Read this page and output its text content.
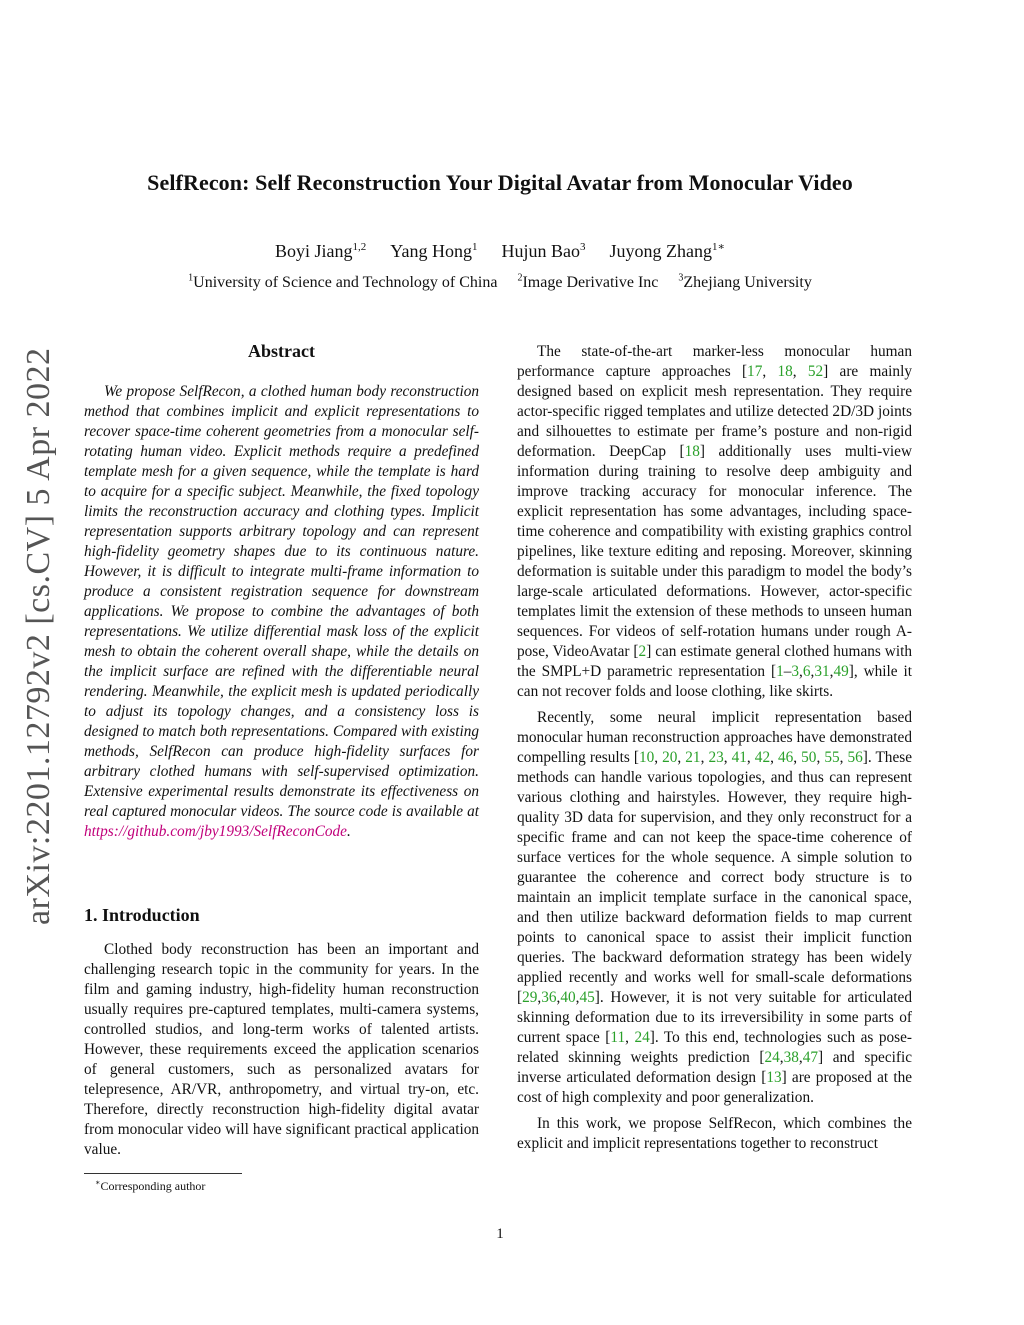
SelfRecon: Self Reconstruction Your Digital Avatar from Monocular Video
Boyi Jiang$^{1,2}$ Yang Hong$^1$ Hujun Bao$^3$ Juyong Zhang$^{1∗}$
$^1$University of Science and Technology of China $^2$Image Derivative Inc $^3$Zhejiang University
arXiv:2201.12792v2 [cs.CV] 5 Apr 2022	Abstract
We propose SelfRecon, a clothed human body reconstruction method that combines implicit and explicit representations to recover space-time coherent geometries from a monocular self-rotating human video. Explicit methods require a predefined template mesh for a given sequence, while the template is hard to acquire for a specific subject. Meanwhile, the fixed topology limits the reconstruction accuracy and clothing types. Implicit representation supports arbitrary topology and can represent high-fidelity geometry shapes due to its continuous nature. However, it is difficult to integrate multi-frame information to produce a consistent registration sequence for downstream applications. We propose to combine the advantages of both representations. We utilize differential mask loss of the explicit mesh to obtain the coherent overall shape, while the details on the implicit surface are refined with the differentiable neural rendering. Meanwhile, the explicit mesh is updated periodically to adjust its topology changes, and a consistency loss is designed to match both representations. Compared with existing methods, SelfRecon can produce high-fidelity surfaces for arbitrary clothed humans with self-supervised optimization. Extensive experimental results demonstrate its effectiveness on real captured monocular videos. The source code is available at https://github.com/jby1993/SelfReconCode.
1. Introduction
Clothed body reconstruction has been an important and challenging research topic in the community for years. In the film and gaming industry, high-fidelity human reconstruction usually requires pre-captured templates, multi-camera systems, controlled studios, and long-term works of talented artists. However, these requirements exceed the application scenarios of general customers, such as personalized avatars for telepresence, AR/VR, anthropometry, and virtual try-on, etc. Therefore, directly reconstruction high-fidelity digital avatar from monocular video will have significant practical application value.
∗Corresponding author

The state-of-the-art marker-less monocular human performance capture approaches [17, 18, 52] are mainly designed based on explicit mesh representation. They require actor-specific rigged templates and utilize detected 2D/3D joints and silhouettes to estimate per frame’s posture and non-rigid deformation. DeepCap [18] additionally uses multi-view information during training to resolve deep ambiguity and improve tracking accuracy for monocular inference. The explicit representation has some advantages, including space-time coherence and compatibility with existing graphics control pipelines, like texture editing and reposing. Moreover, skinning deformation is suitable under this paradigm to model the body’s large-scale articulated deformations. However, actor-specific templates limit the extension of these methods to unseen human sequences. For videos of self-rotation humans under rough A-pose, VideoAvatar [2] can estimate general clothed humans with the SMPL+D parametric representation [1–3,6,31,49], while it can not recover folds and loose clothing, like skirts.

Recently, some neural implicit representation based monocular human reconstruction approaches have demonstrated compelling results [10, 20, 21, 23, 41, 42, 46, 50, 55, 56]. These methods can handle various topologies, and thus can represent various clothing and hairstyles. However, they require high-quality 3D data for supervision, and they only reconstruct for a specific frame and can not keep the space-time coherence of surface vertices for the whole sequence. A simple solution to guarantee the coherence and correct body structure is to maintain an implicit template surface in the canonical space, and then utilize backward deformation fields to map current points to canonical space to assist their implicit function queries. The backward deformation strategy has been widely applied recently and works well for small-scale deformations [29,36,40,45]. However, it is not very suitable for articulated skinning deformation due to its irreversibility in some parts of current space [11, 24]. To this end, technologies such as pose-related skinning weights prediction [24,38,47] and specific inverse articulated deformation design [13] are proposed at the cost of high complexity and poor generalization.

In this work, we propose SelfRecon, which combines the explicit and implicit representations together to reconstruct

1
